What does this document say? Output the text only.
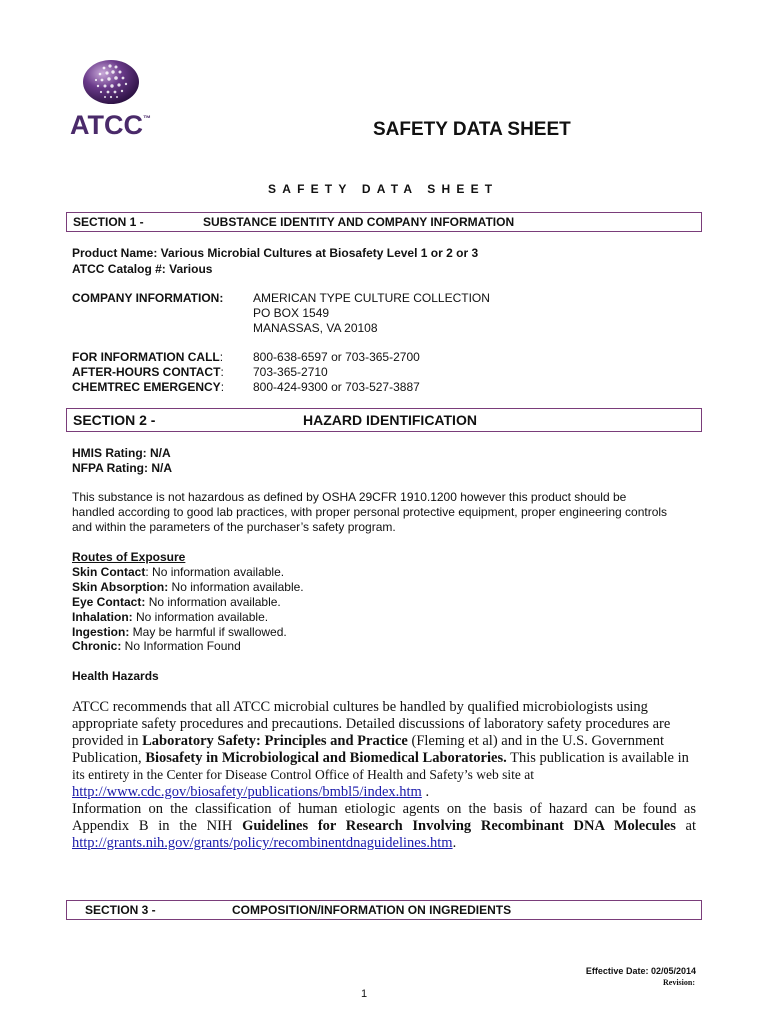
ATCC™
SAFETY DATA SHEET
SAFETY DATA SHEET
SECTION 1 -	SUBSTANCE IDENTITY AND COMPANY INFORMATION
Product Name: Various Microbial Cultures at Biosafety Level 1 or 2 or 3
ATCC Catalog #: Various
COMPANY INFORMATION: AMERICAN TYPE CULTURE COLLECTION
PO BOX 1549
MANASSAS, VA 20108
FOR INFORMATION CALL: 800-638-6597 or 703-365-2700
AFTER-HOURS CONTACT: 703-365-2710
CHEMTREC EMERGENCY: 800-424-9300 or 703-527-3887
SECTION 2 -	HAZARD IDENTIFICATION
HMIS Rating: N/A
NFPA Rating: N/A
This substance is not hazardous as defined by OSHA 29CFR 1910.1200 however this product should be
handled according to good lab practices, with proper personal protective equipment, proper engineering controls
and within the parameters of the purchaser’s safety program.
Routes of Exposure
Skin Contact: No information available.
Skin Absorption: No information available.
Eye Contact: No information available.
Inhalation: No information available.
Ingestion: May be harmful if swallowed.
Chronic: No Information Found
Health Hazards
ATCC recommends that all ATCC microbial cultures be handled by qualified microbiologists using
appropriate safety procedures and precautions. Detailed discussions of laboratory safety procedures are
provided in Laboratory Safety: Principles and Practice (Fleming et al) and in the U.S. Government
Publication, Biosafety in Microbiological and Biomedical Laboratories. This publication is available in
its entirety in the Center for Disease Control Office of Health and Safety’s web site at
http://www.cdc.gov/biosafety/publications/bmbl5/index.htm .
Information on the classification of human etiologic agents on the basis of hazard can be found as
Appendix B in the NIH Guidelines for Research Involving Recombinant DNA Molecules at
http://grants.nih.gov/grants/policy/recombinentdnaguidelines.htm.
SECTION 3 -	COMPOSITION/INFORMATION ON INGREDIENTS
Effective Date: 02/05/2014
Revision:
1
